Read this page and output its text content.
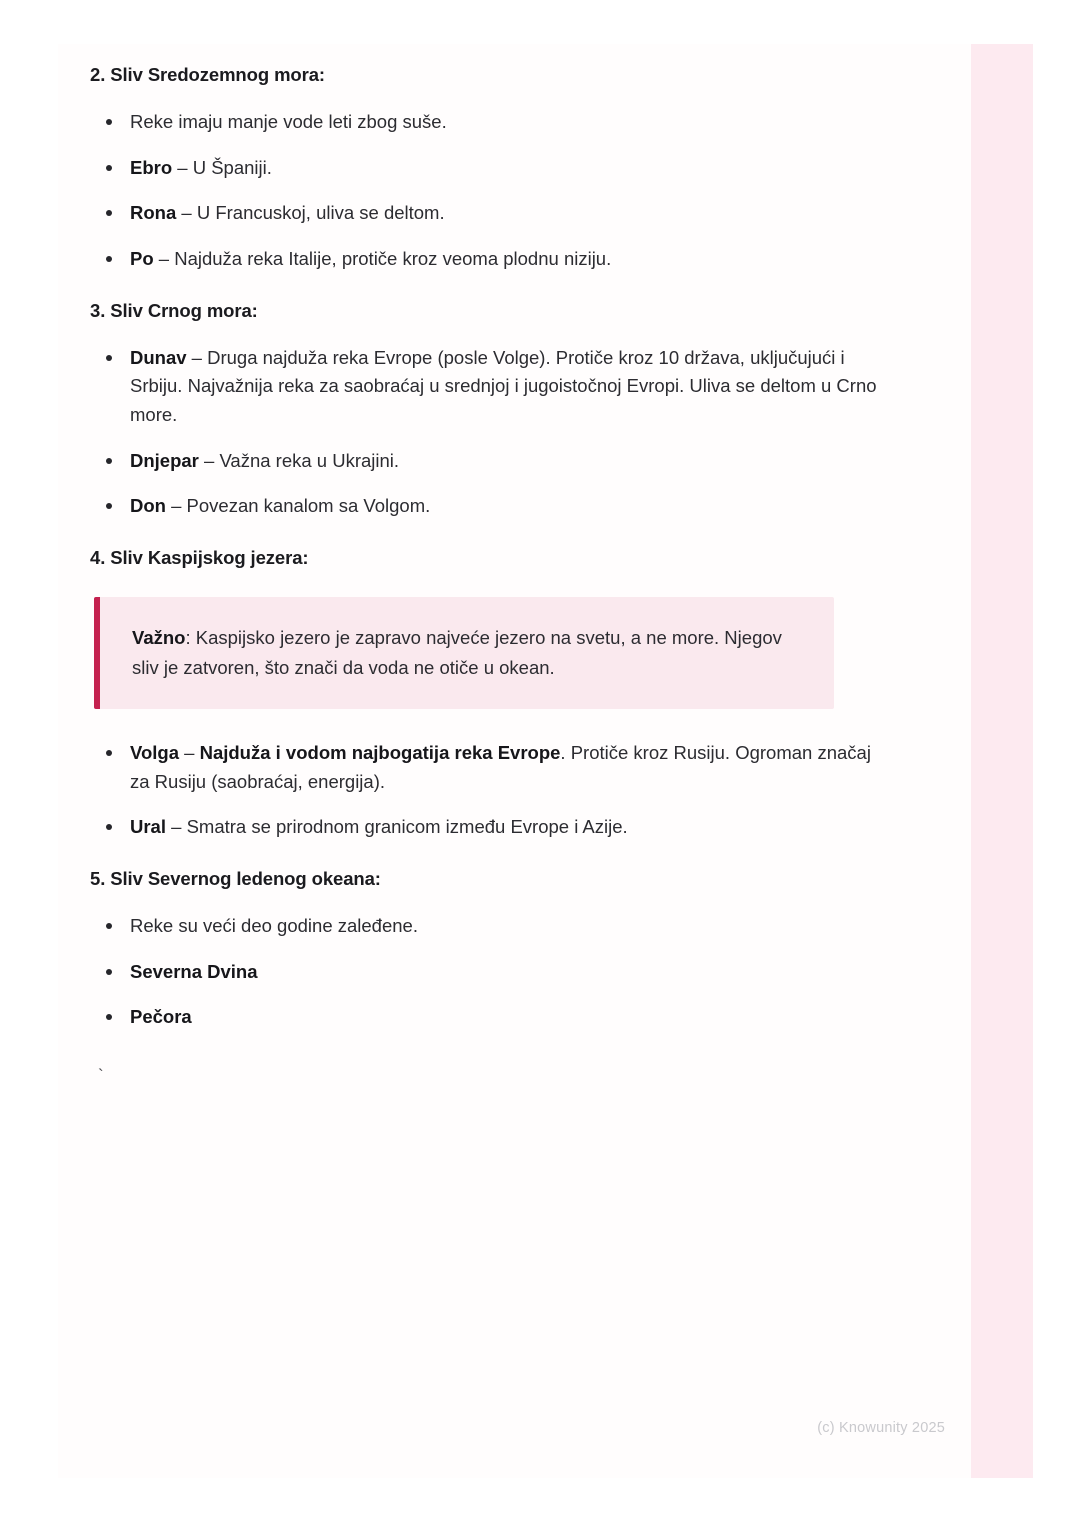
2. Sliv Sredozemnog mora:
Reke imaju manje vode leti zbog suše.
Ebro – U Španiji.
Rona – U Francuskoj, uliva se deltom.
Po – Najduža reka Italije, protiče kroz veoma plodnu niziju.
3. Sliv Crnog mora:
Dunav – Druga najduža reka Evrope (posle Volge). Protiče kroz 10 država, uključujući i Srbiju. Najvažnija reka za saobraćaj u srednjoj i jugoistočnoj Evropi. Uliva se deltom u Crno more.
Dnjepar – Važna reka u Ukrajini.
Don – Povezan kanalom sa Volgom.
4. Sliv Kaspijskog jezera:

Važno: Kaspijsko jezero je zapravo najveće jezero na svetu, a ne more. Njegov sliv je zatvoren, što znači da voda ne otiče u okean.

Volga – Najduža i vodom najbogatija reka Evrope. Protiče kroz Rusiju. Ogroman značaj za Rusiju (saobraćaj, energija).
Ural – Smatra se prirodnom granicom između Evrope i Azije.
5. Sliv Severnog ledenog okeana:
Reke su veći deo godine zaleđene.
Severna Dvina
Pečora
`
(c) Knowunity 2025
